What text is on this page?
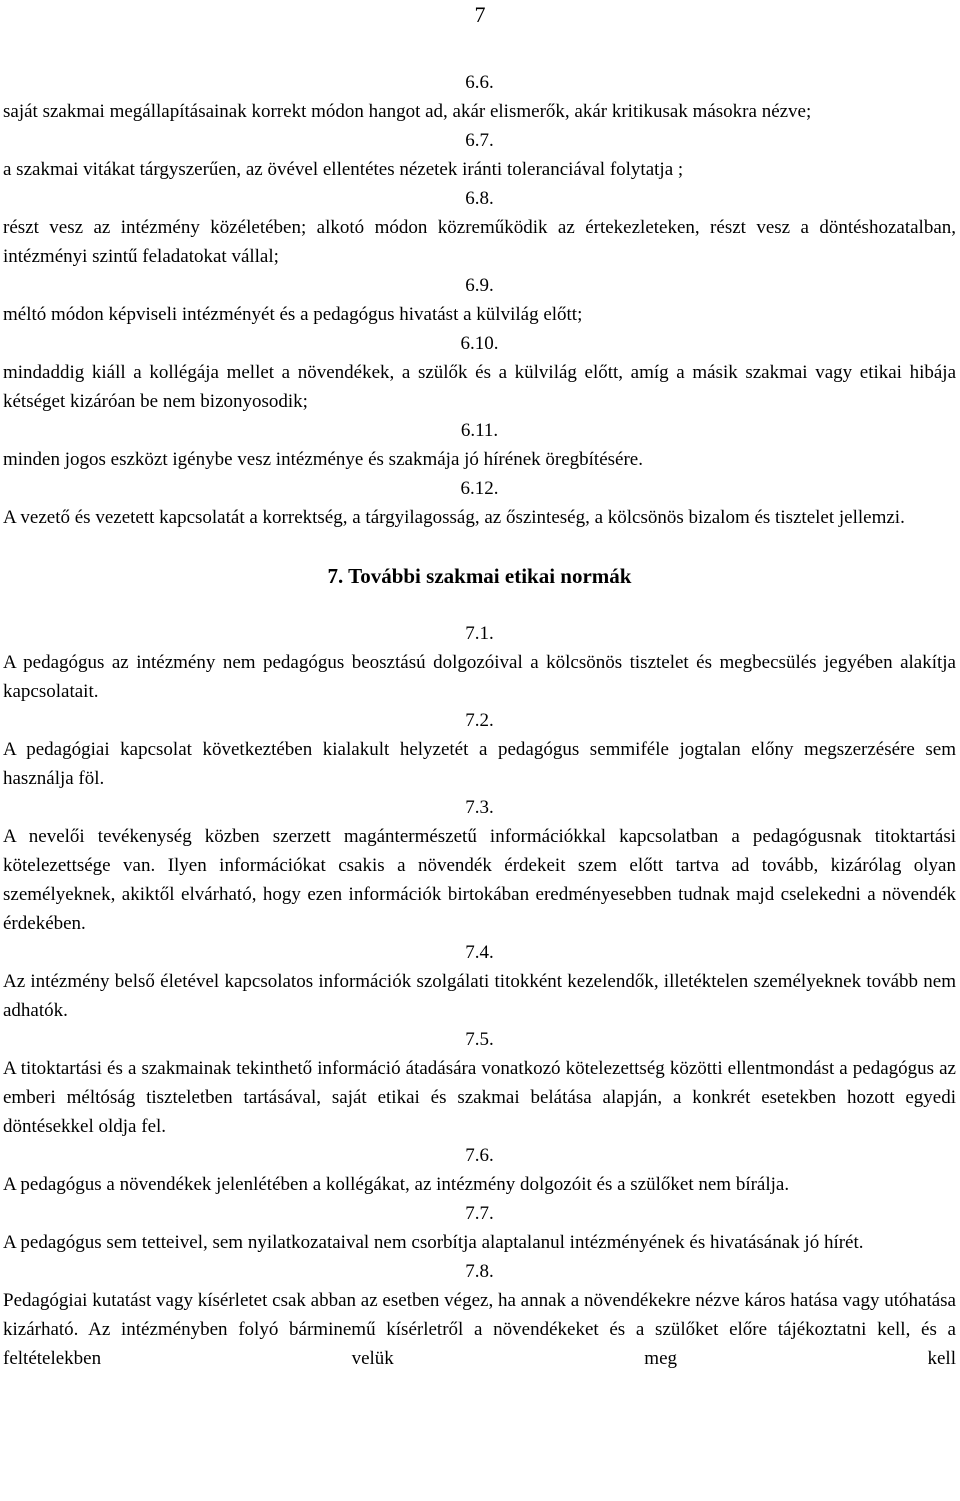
7

6.6.

saját szakmai megállapításainak korrekt módon hangot ad, akár elismerők, akár kritikusak másokra nézve;

6.7.

a szakmai vitákat tárgyszerűen, az övével ellentétes nézetek iránti toleranciával folytatja ;

6.8.

részt vesz az intézmény közéletében; alkotó módon közreműködik az értekezleteken, részt vesz a döntéshozatalban, intézményi szintű feladatokat vállal;

6.9.

méltó módon képviseli intézményét és a pedagógus hivatást a külvilág előtt;

6.10.

mindaddig kiáll a kollégája mellet a növendékek, a szülők és a külvilág előtt, amíg a másik szakmai vagy etikai hibája kétséget kizáróan be nem bizonyosodik;

6.11.

minden jogos eszközt igénybe vesz intézménye és szakmája jó hírének öregbítésére.

6.12.

A vezető és vezetett kapcsolatát a korrektség, a tárgyilagosság, az őszinteség, a kölcsönös bizalom és tisztelet jellemzi.

7. További szakmai etikai normák

7.1.

A pedagógus az intézmény nem pedagógus beosztású dolgozóival a kölcsönös tisztelet és megbecsülés jegyében alakítja kapcsolatait.

7.2.

A pedagógiai kapcsolat következtében kialakult helyzetét a pedagógus semmiféle jogtalan előny megszerzésére sem használja föl.

7.3.

A nevelői tevékenység közben szerzett magántermészetű információkkal kapcsolatban a pedagógusnak titoktartási kötelezettsége van. Ilyen információkat csakis a növendék érdekeit szem előtt tartva ad tovább, kizárólag olyan személyeknek, akiktől elvárható, hogy ezen információk birtokában eredményesebben tudnak majd cselekedni a növendék érdekében.

7.4.

Az intézmény belső életével kapcsolatos információk szolgálati titokként kezelendők, illetéktelen személyeknek tovább nem adhatók.

7.5.

A titoktartási és a szakmainak tekinthető információ átadására vonatkozó kötelezettség közötti ellentmondást a pedagógus az emberi méltóság tiszteletben tartásával, saját etikai és szakmai belátása alapján, a konkrét esetekben hozott egyedi döntésekkel oldja fel.

7.6.

A pedagógus a növendékek jelenlétében a kollégákat, az intézmény dolgozóit és a szülőket nem bírálja.

7.7.

A pedagógus sem tetteivel, sem nyilatkozataival nem csorbítja alaptalanul intézményének és hivatásának jó hírét.

7.8.

Pedagógiai kutatást vagy kísérletet csak abban az esetben végez, ha annak a növendékekre nézve káros hatása vagy utóhatása kizárható. Az intézményben folyó bárminemű kísérletről a növendékeket és a szülőket előre tájékoztatni kell, és a feltételekben velük meg kell
